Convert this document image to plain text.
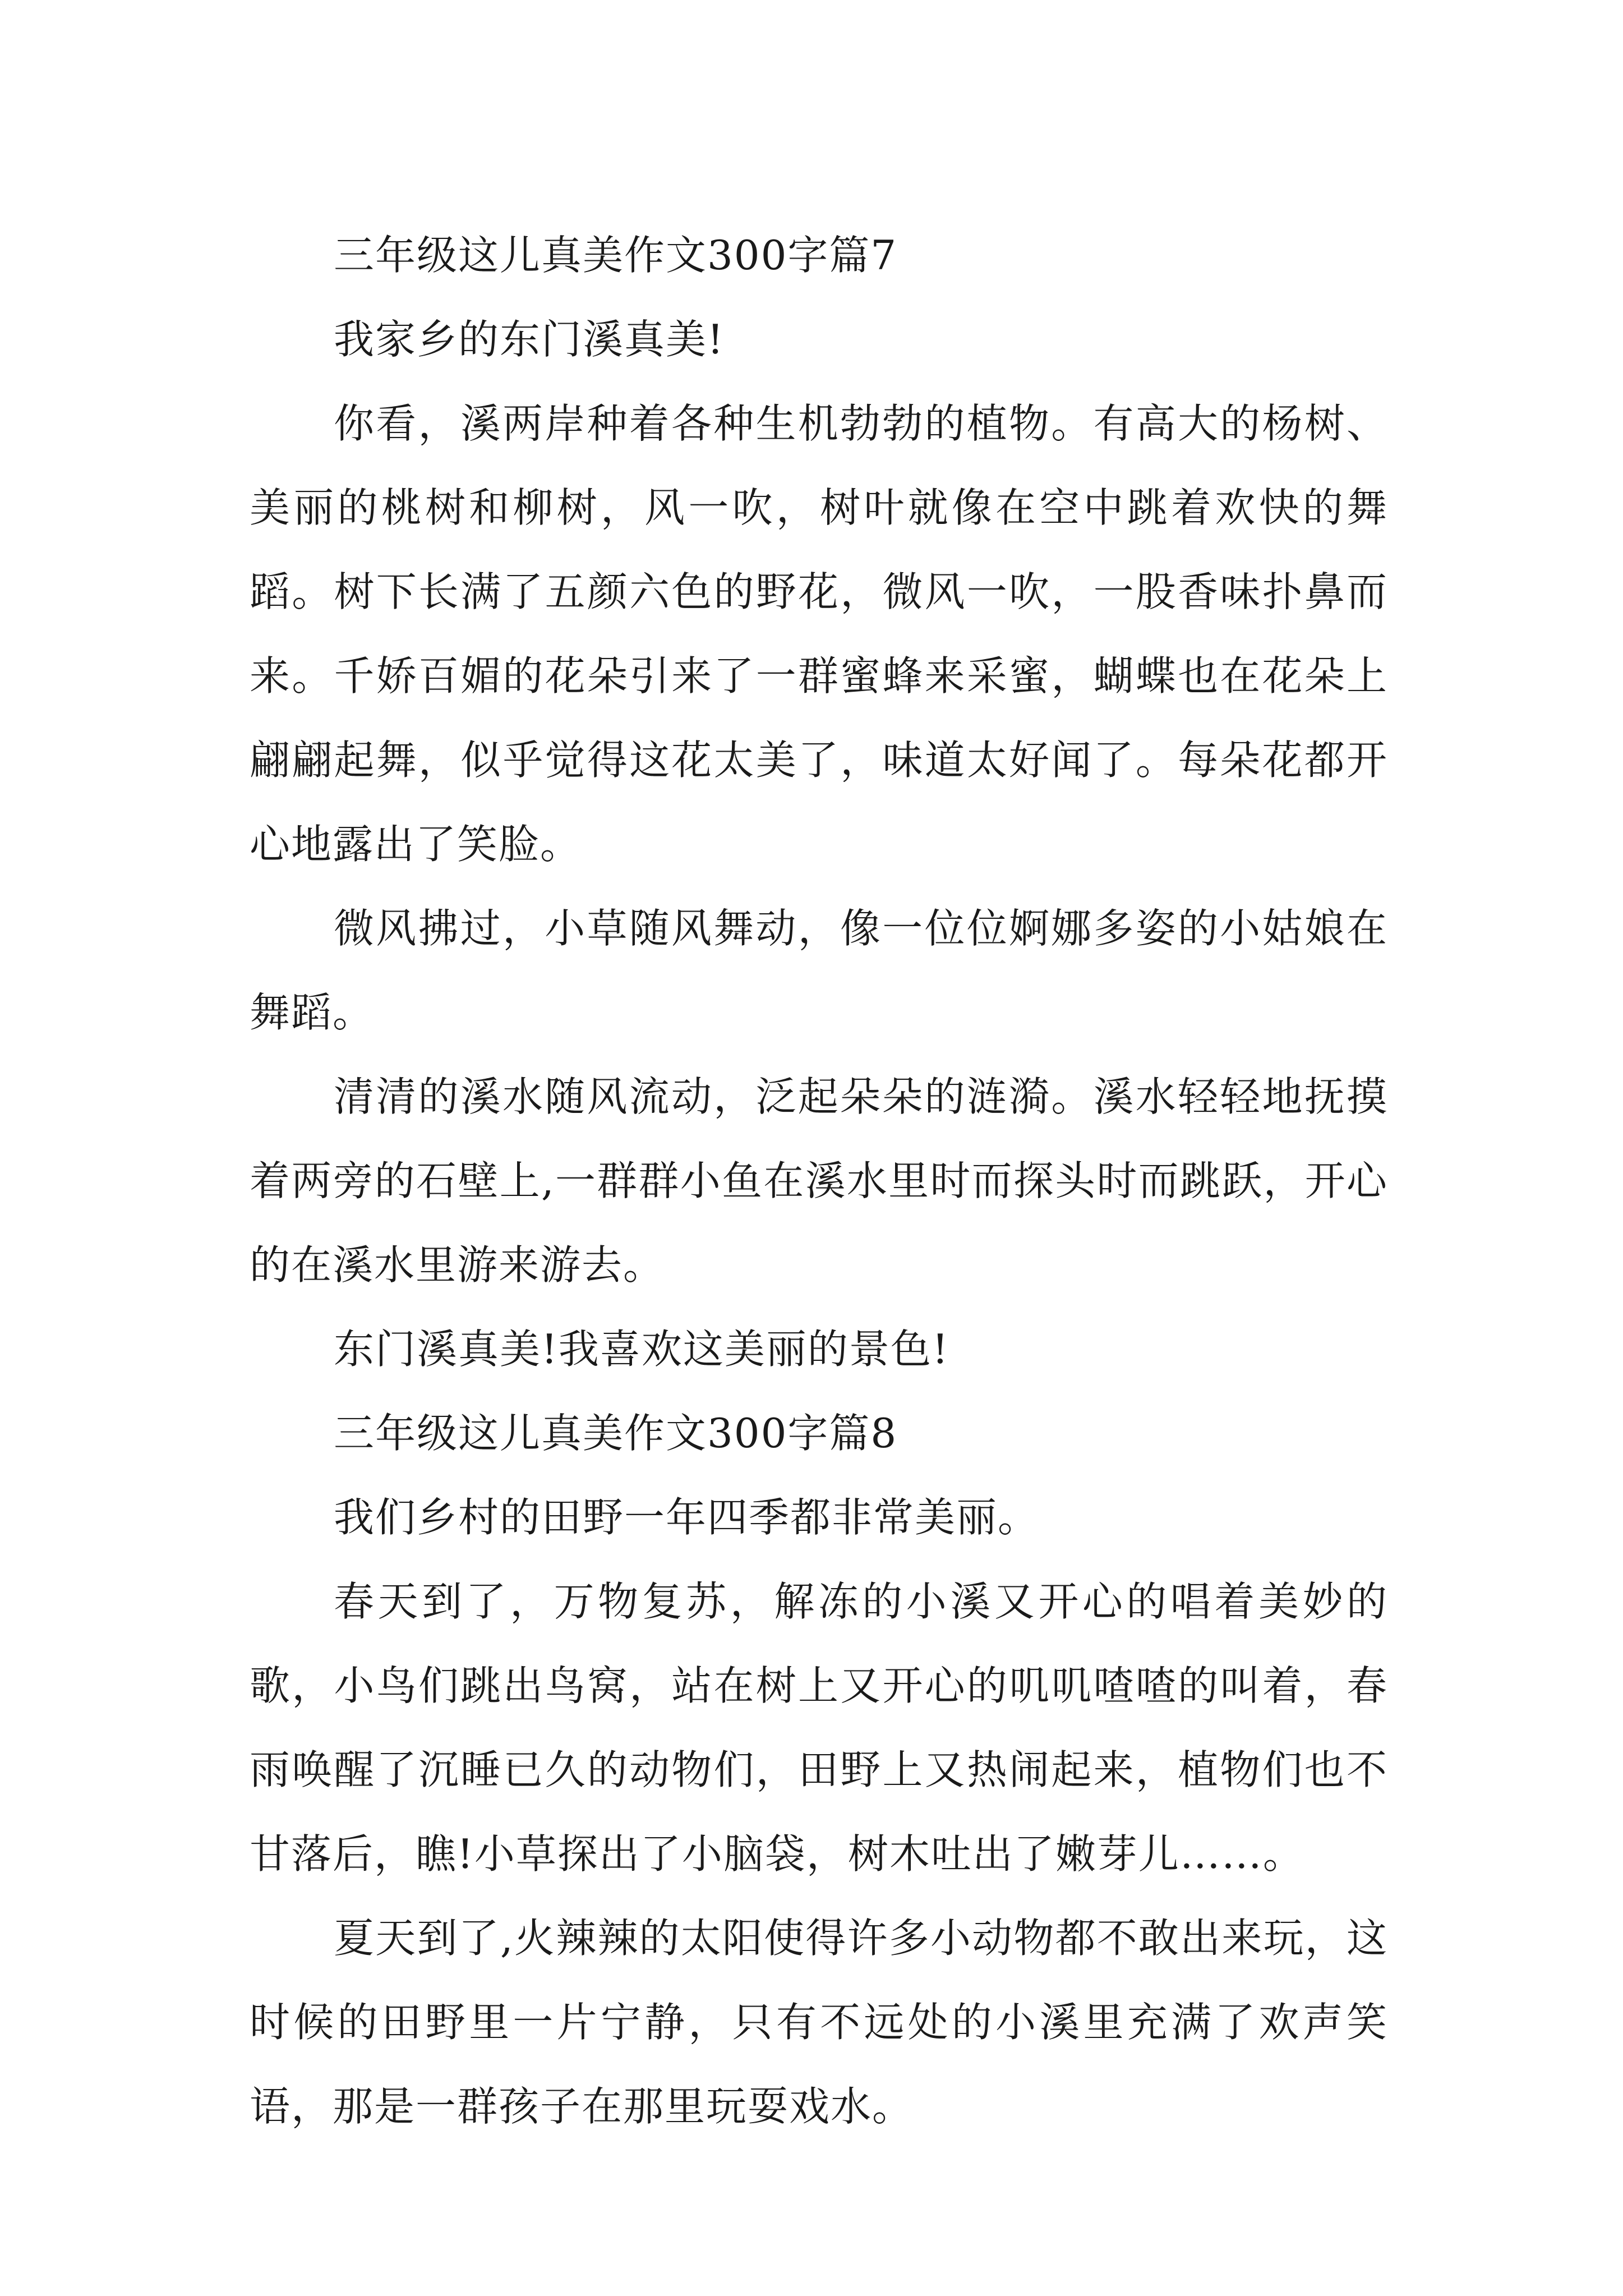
三年级这儿真美作文300字篇7

我家乡的东门溪真美!

你看，溪两岸种着各种生机勃勃的植物。有高大的杨树、美丽的桃树和柳树，风一吹，树叶就像在空中跳着欢快的舞蹈。树下长满了五颜六色的野花，微风一吹，一股香味扑鼻而来。千娇百媚的花朵引来了一群蜜蜂来采蜜，蝴蝶也在花朵上翩翩起舞，似乎觉得这花太美了，味道太好闻了。每朵花都开心地露出了笑脸。

微风拂过，小草随风舞动，像一位位婀娜多姿的小姑娘在舞蹈。

清清的溪水随风流动，泛起朵朵的涟漪。溪水轻轻地抚摸着两旁的石壁上,一群群小鱼在溪水里时而探头时而跳跃，开心的在溪水里游来游去。

东门溪真美!我喜欢这美丽的景色!

三年级这儿真美作文300字篇8

我们乡村的田野一年四季都非常美丽。

春天到了，万物复苏，解冻的小溪又开心的唱着美妙的歌，小鸟们跳出鸟窝，站在树上又开心的叽叽喳喳的叫着，春雨唤醒了沉睡已久的动物们，田野上又热闹起来，植物们也不甘落后，瞧!小草探出了小脑袋，树木吐出了嫩芽儿……。

夏天到了,火辣辣的太阳使得许多小动物都不敢出来玩，这时候的田野里一片宁静，只有不远处的小溪里充满了欢声笑语，那是一群孩子在那里玩耍戏水。
